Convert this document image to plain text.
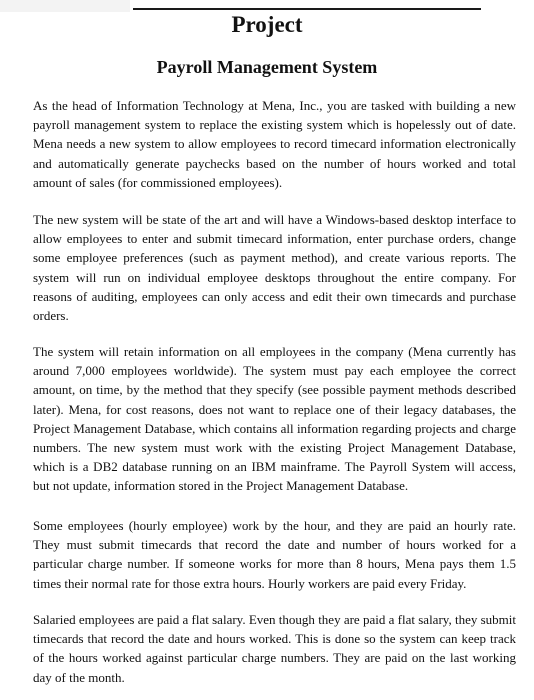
Project
Payroll Management System

As the head of Information Technology at Mena, Inc., you are tasked with building a new payroll management system to replace the existing system which is hopelessly out of date. Mena needs a new system to allow employees to record timecard information electronically and automatically generate paychecks based on the number of hours worked and total amount of sales (for commissioned employees).

The new system will be state of the art and will have a Windows-based desktop interface to allow employees to enter and submit timecard information, enter purchase orders, change some employee preferences (such as payment method), and create various reports. The system will run on individual employee desktops throughout the entire company. For reasons of auditing, employees can only access and edit their own timecards and purchase orders.

The system will retain information on all employees in the company (Mena currently has around 7,000 employees worldwide). The system must pay each employee the correct amount, on time, by the method that they specify (see possible payment methods described later). Mena, for cost reasons, does not want to replace one of their legacy databases, the Project Management Database, which contains all information regarding projects and charge numbers. The new system must work with the existing Project Management Database, which is a DB2 database running on an IBM mainframe. The Payroll System will access, but not update, information stored in the Project Management Database.

Some employees (hourly employee) work by the hour, and they are paid an hourly rate. They must submit timecards that record the date and number of hours worked for a particular charge number. If someone works for more than 8 hours, Mena pays them 1.5 times their normal rate for those extra hours. Hourly workers are paid every Friday.

Salaried employees are paid a flat salary. Even though they are paid a flat salary, they submit timecards that record the date and hours worked. This is done so the system can keep track of the hours worked against particular charge numbers. They are paid on the last working day of the month.
